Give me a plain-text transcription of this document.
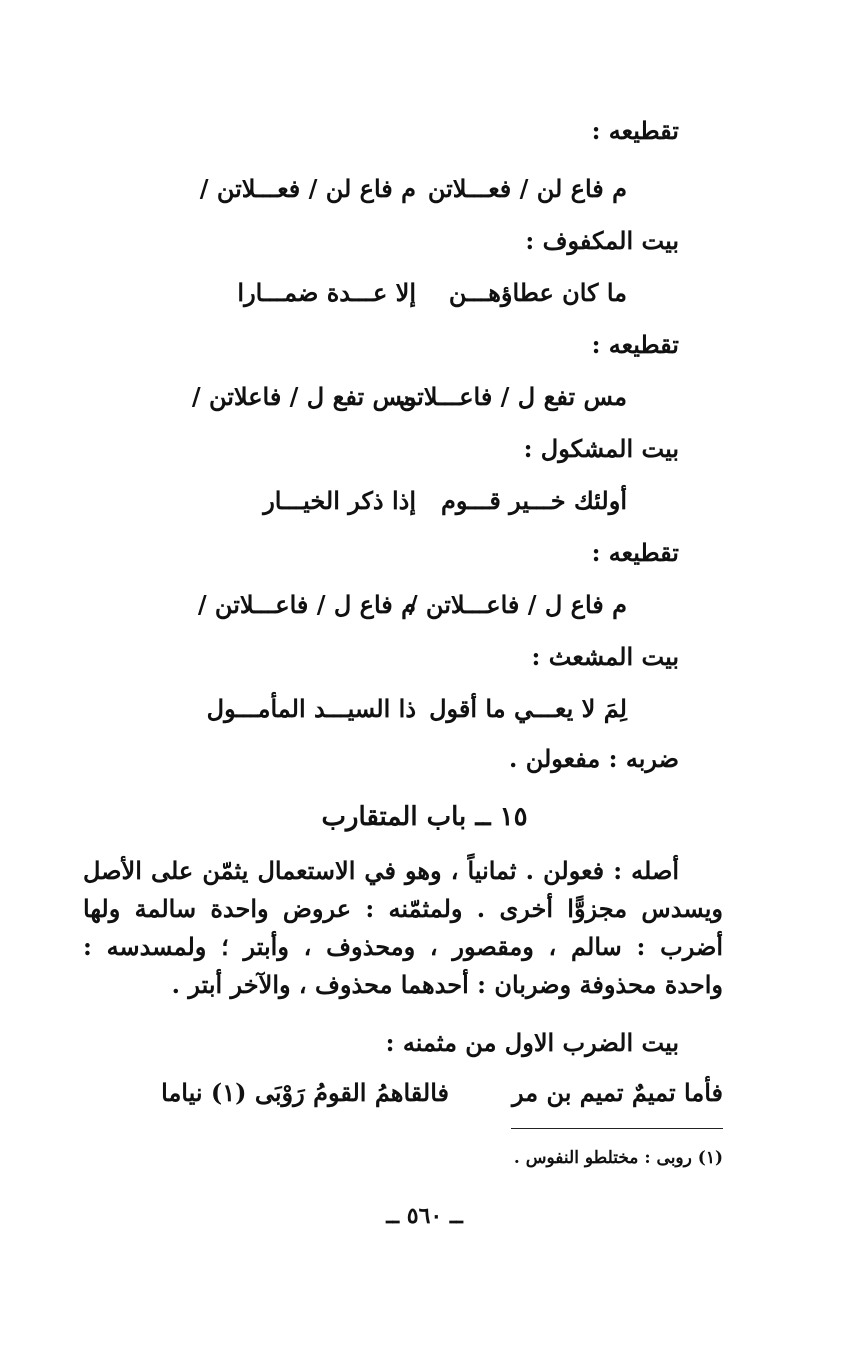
تقطيعه :
م فاع لن / فعـــلاتن
م فاع لن / فعـــلاتن /
بيت المكفوف :
ما كان عطاؤهـــن
إلا عـــدة ضمـــارا
تقطيعه :
مس تفع ل / فاعـــلاتن
مس تفع ل / فاعلاتن /
بيت المشكول :
أولئك خـــير قـــوم
إذا ذكر الخيـــار
تقطيعه :
م فاع ل / فاعـــلاتن /
م فاع ل / فاعـــلاتن /
بيت المشعث :
لِمَ لا يعـــي ما أقول
ذا السيـــد المأمـــول
ضربه : مفعولن .
١٥ ــ باب المتقارب
أصله : فعولن . ثمانياً ، وهو في الاستعمال يثمّن على الأصل
ويسدس مجزوًّا أخرى . ولمثمّنه : عروض واحدة سالمة ولها
أضرب : سالم ، ومقصور ، ومحذوف ، وأبتر ؛ ولمسدسه :
واحدة محذوفة وضربان : أحدهما محذوف ، والآخر أبتر .
بيت الضرب الاول من مثمنه :
فأما تميمٌ تميم بن مر
فالقاهمُ القومُ رَوْبَى (١) نياما
(١) روبى : مختلطو النفوس .
ــ ٥٦٠ ــ
